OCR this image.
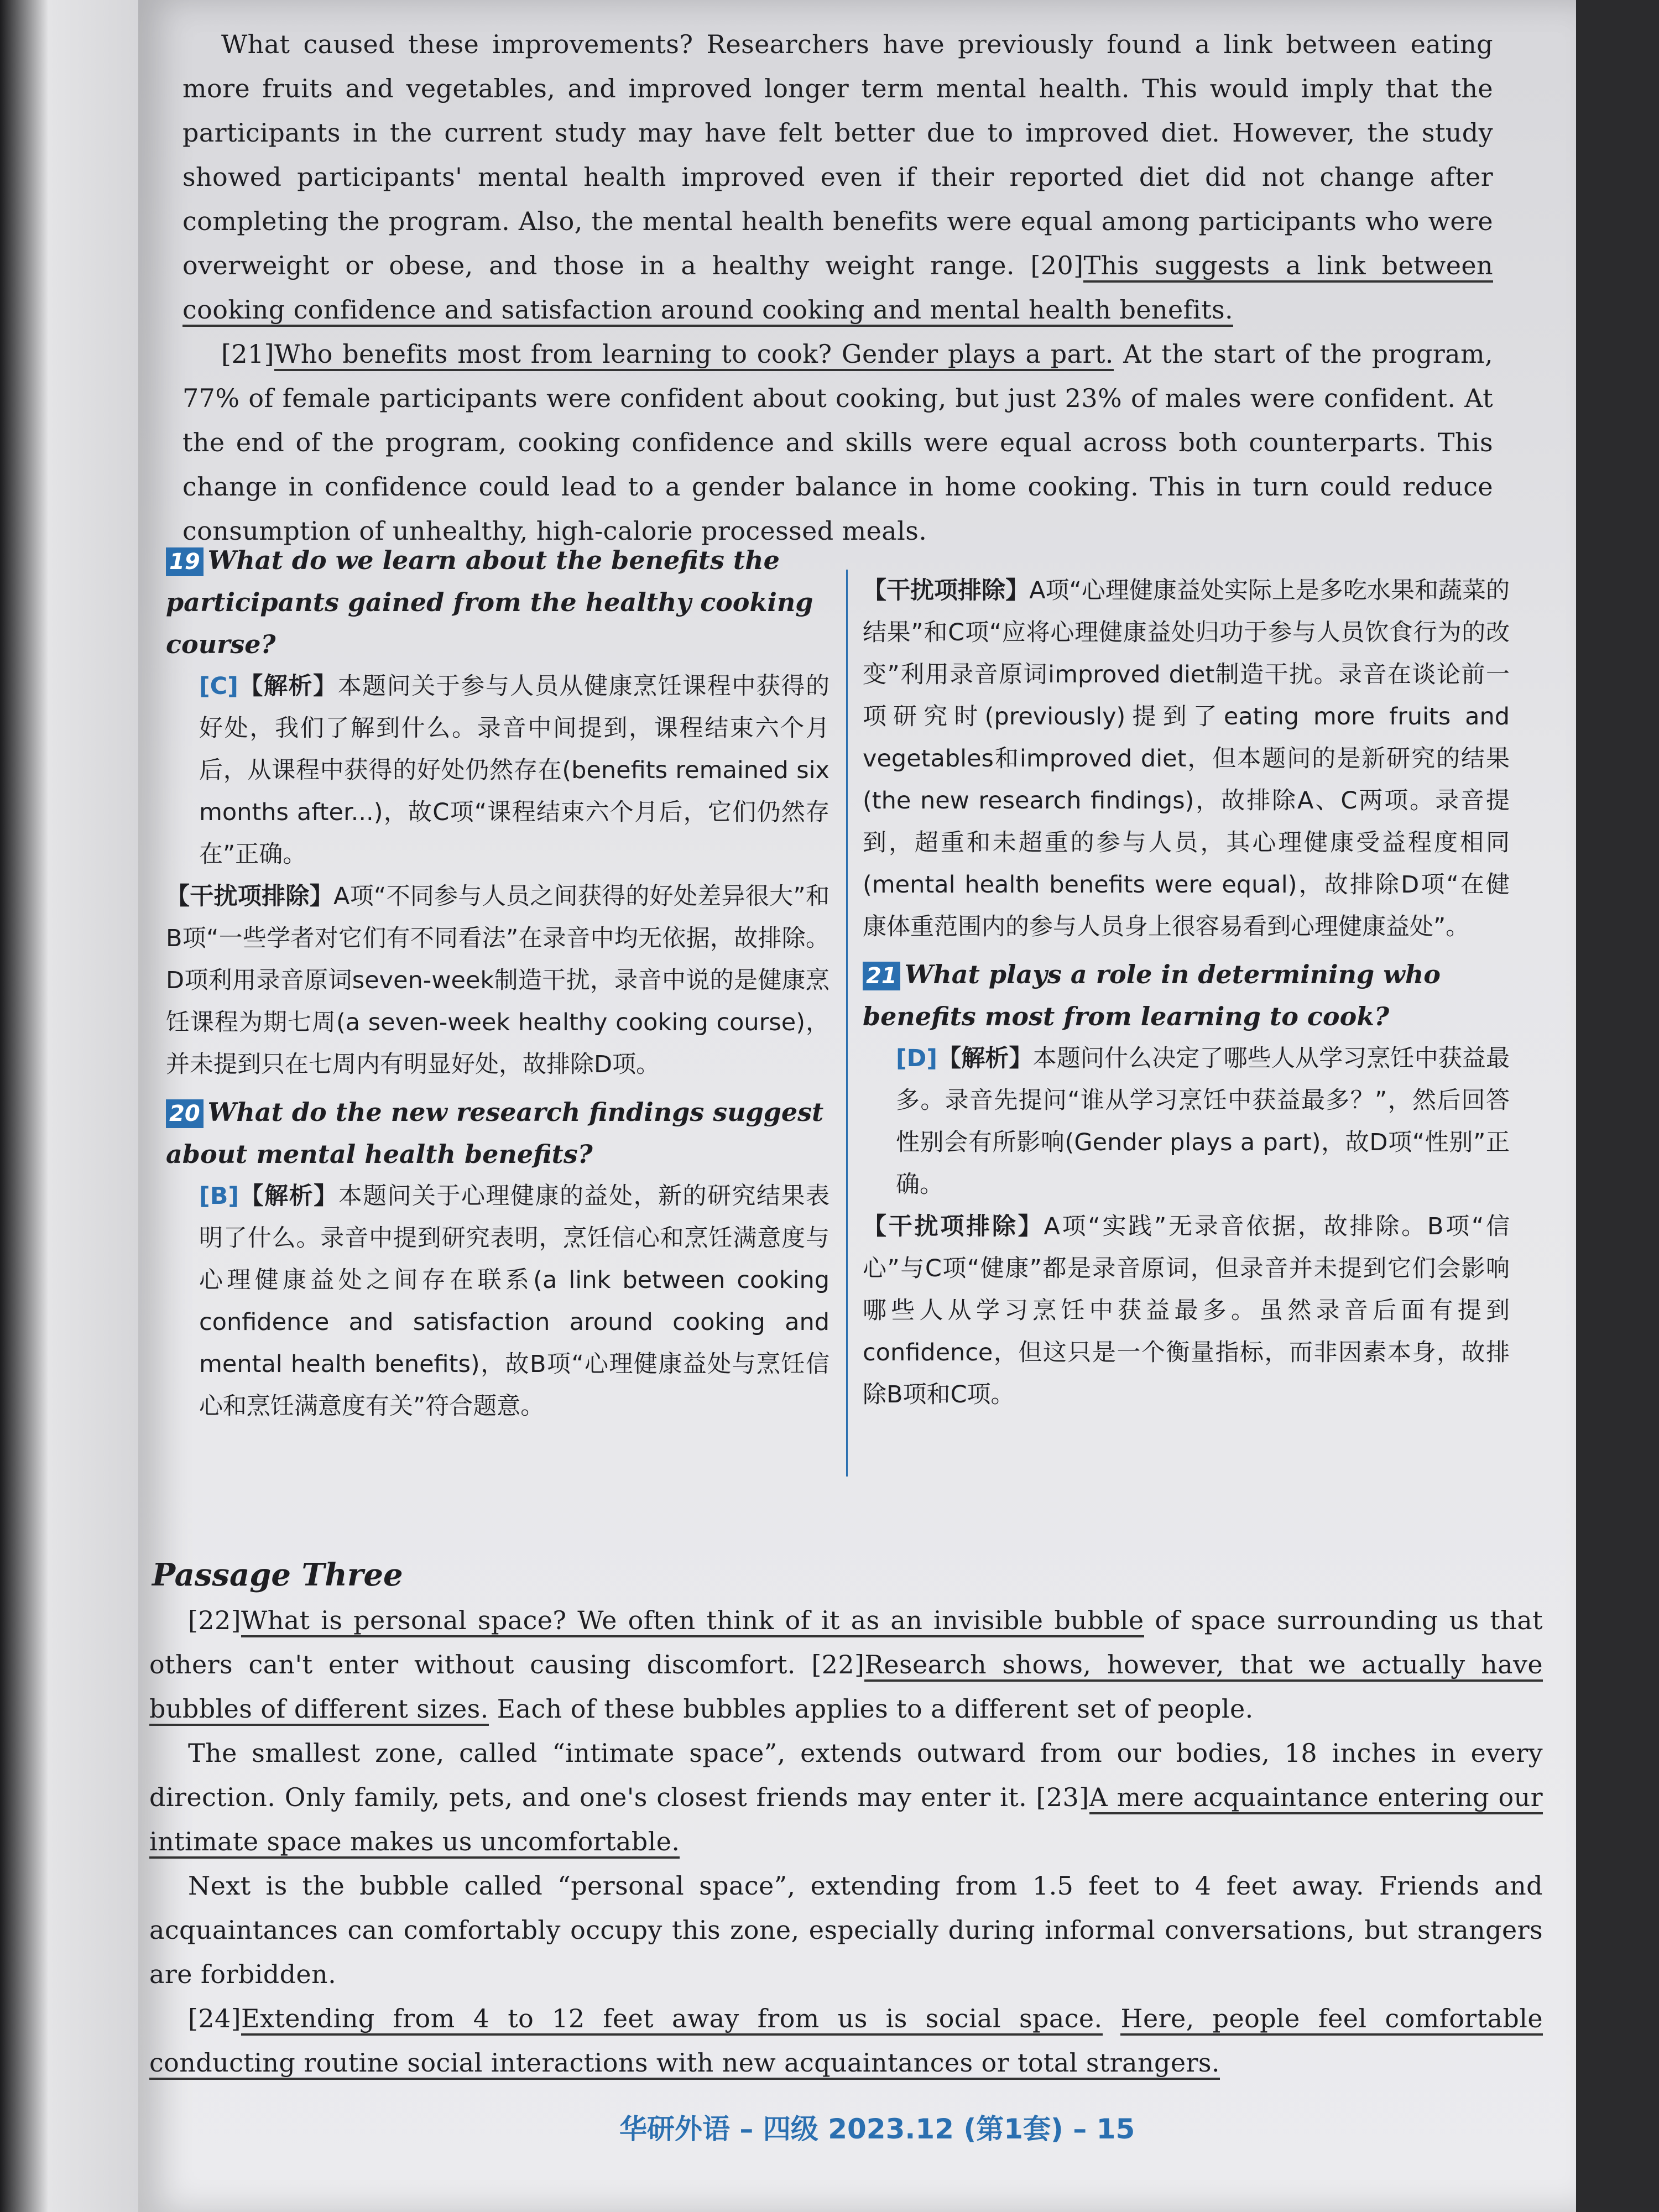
What caused these improvements? Researchers have previously found a link between eating more fruits and vegetables, and improved longer term mental health. This would imply that the participants in the current study may have felt better due to improved diet. However, the study showed participants' mental health improved even if their reported diet did not change after completing the program. Also, the mental health benefits were equal among participants who were overweight or obese, and those in a healthy weight range. [20]This suggests a link between cooking confidence and satisfaction around cooking and mental health benefits.

[21]Who benefits most from learning to cook? Gender plays a part. At the start of the program, 77% of female participants were confident about cooking, but just 23% of males were confident. At the end of the program, cooking confidence and skills were equal across both counterparts. This change in confidence could lead to a gender balance in home cooking. This in turn could reduce consumption of unhealthy, high-calorie processed meals.

19 What do we learn about the benefits the participants gained from the healthy cooking course?

[C]【解析】本题问关于参与人员从健康烹饪课程中获得的好处，我们了解到什么。录音中间提到，课程结束六个月后，从课程中获得的好处仍然存在(benefits remained six months after...)，故C项“课程结束六个月后，它们仍然存在”正确。

【干扰项排除】A项“不同参与人员之间获得的好处差异很大”和B项“一些学者对它们有不同看法”在录音中均无依据，故排除。D项利用录音原词seven-week制造干扰，录音中说的是健康烹饪课程为期七周(a seven-week healthy cooking course)，并未提到只在七周内有明显好处，故排除D项。

20 What do the new research findings suggest about mental health benefits?

[B]【解析】本题问关于心理健康的益处，新的研究结果表明了什么。录音中提到研究表明，烹饪信心和烹饪满意度与心理健康益处之间存在联系(a link between cooking confidence and satisfaction around cooking and mental health benefits)，故B项“心理健康益处与烹饪信心和烹饪满意度有关”符合题意。

【干扰项排除】A项“心理健康益处实际上是多吃水果和蔬菜的结果”和C项“应将心理健康益处归功于参与人员饮食行为的改变”利用录音原词improved diet制造干扰。录音在谈论前一项研究时(previously)提到了eating more fruits and vegetables和improved diet，但本题问的是新研究的结果(the new research findings)，故排除A、C两项。录音提到，超重和未超重的参与人员，其心理健康受益程度相同(mental health benefits were equal)，故排除D项“在健康体重范围内的参与人员身上很容易看到心理健康益处”。

21 What plays a role in determining who benefits most from learning to cook?

[D]【解析】本题问什么决定了哪些人从学习烹饪中获益最多。录音先提问“谁从学习烹饪中获益最多？”，然后回答性别会有所影响(Gender plays a part)，故D项“性别”正确。

【干扰项排除】A项“实践”无录音依据，故排除。B项“信心”与C项“健康”都是录音原词，但录音并未提到它们会影响哪些人从学习烹饪中获益最多。虽然录音后面有提到confidence，但这只是一个衡量指标，而非因素本身，故排除B项和C项。

Passage Three

[22]What is personal space? We often think of it as an invisible bubble of space surrounding us that others can't enter without causing discomfort. [22]Research shows, however, that we actually have bubbles of different sizes. Each of these bubbles applies to a different set of people.

The smallest zone, called “intimate space”, extends outward from our bodies, 18 inches in every direction. Only family, pets, and one's closest friends may enter it. [23]A mere acquaintance entering our intimate space makes us uncomfortable.

Next is the bubble called “personal space”, extending from 1.5 feet to 4 feet away. Friends and acquaintances can comfortably occupy this zone, especially during informal conversations, but strangers are forbidden.

[24]Extending from 4 to 12 feet away from us is social space. Here, people feel comfortable conducting routine social interactions with new acquaintances or total strangers.

华研外语 – 四级 2023.12 (第1套) – 15
